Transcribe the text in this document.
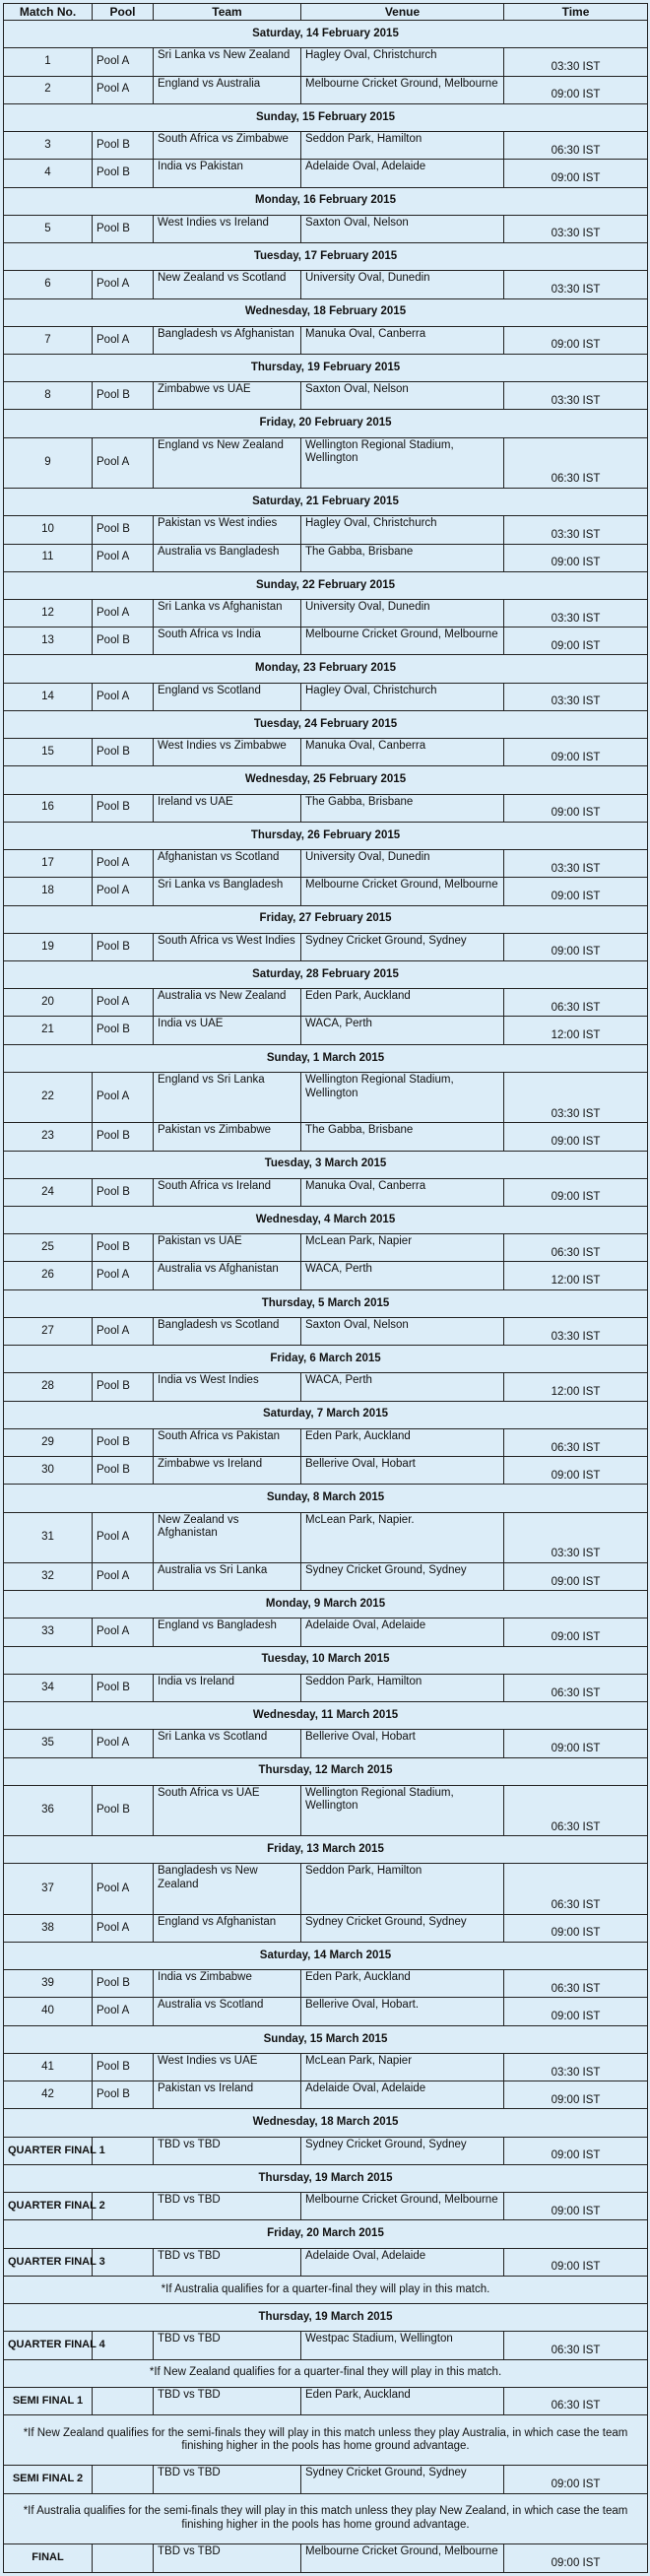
Match No.	Pool	Team	Venue	Time
Saturday, 14 February 2015				
1	Pool A	Sri Lanka vs New Zealand	Hagley Oval, Christchurch	03:30 IST
2	Pool A	England vs Australia	Melbourne Cricket Ground, Melbourne	09:00 IST
Sunday, 15 February 2015				
3	Pool B	South Africa vs Zimbabwe	Seddon Park, Hamilton	06:30 IST
4	Pool B	India vs Pakistan	Adelaide Oval, Adelaide	09:00 IST
Monday, 16 February 2015				
5	Pool B	West Indies vs Ireland	Saxton Oval, Nelson	03:30 IST
Tuesday, 17 February 2015				
6	Pool A	New Zealand vs Scotland	University Oval, Dunedin	03:30 IST
Wednesday, 18 February 2015				
7	Pool A	Bangladesh vs Afghanistan	Manuka Oval, Canberra	09:00 IST
Thursday, 19 February 2015				
8	Pool B	Zimbabwe vs UAE	Saxton Oval, Nelson	03:30 IST
Friday, 20 February 2015				
9	Pool A	England vs New Zealand	Wellington Regional Stadium, Wellington	06:30 IST
Saturday, 21 February 2015				
10	Pool B	Pakistan vs West indies	Hagley Oval, Christchurch	03:30 IST
11	Pool A	Australia vs Bangladesh	The Gabba, Brisbane	09:00 IST
Sunday, 22 February 2015				
12	Pool A	Sri Lanka vs Afghanistan	University Oval, Dunedin	03:30 IST
13	Pool B	South Africa vs India	Melbourne Cricket Ground, Melbourne	09:00 IST
Monday, 23 February 2015				
14	Pool A	England vs Scotland	Hagley Oval, Christchurch	03:30 IST
Tuesday, 24 February 2015				
15	Pool B	West Indies vs Zimbabwe	Manuka Oval, Canberra	09:00 IST
Wednesday, 25 February 2015				
16	Pool B	Ireland vs UAE	The Gabba, Brisbane	09:00 IST
Thursday, 26 February 2015				
17	Pool A	Afghanistan vs Scotland	University Oval, Dunedin	03:30 IST
18	Pool A	Sri Lanka vs Bangladesh	Melbourne Cricket Ground, Melbourne	09:00 IST
Friday, 27 February 2015				
19	Pool B	South Africa vs West Indies	Sydney Cricket Ground, Sydney	09:00 IST
Saturday, 28 February 2015				
20	Pool A	Australia vs New Zealand	Eden Park, Auckland	06:30 IST
21	Pool B	India vs UAE	WACA, Perth	12:00 IST
Sunday, 1 March 2015				
22	Pool A	England vs Sri Lanka	Wellington Regional Stadium, Wellington	03:30 IST
23	Pool B	Pakistan vs Zimbabwe	The Gabba, Brisbane	09:00 IST
Tuesday, 3 March 2015				
24	Pool B	South Africa vs Ireland	Manuka Oval, Canberra	09:00 IST
Wednesday, 4 March 2015				
25	Pool B	Pakistan vs UAE	McLean Park, Napier	06:30 IST
26	Pool A	Australia vs Afghanistan	WACA, Perth	12:00 IST
Thursday, 5 March 2015				
27	Pool A	Bangladesh vs Scotland	Saxton Oval, Nelson	03:30 IST
Friday, 6 March 2015				
28	Pool B	India vs West Indies	WACA, Perth	12:00 IST
Saturday, 7 March 2015				
29	Pool B	South Africa vs Pakistan	Eden Park, Auckland	06:30 IST
30	Pool B	Zimbabwe vs Ireland	Bellerive Oval, Hobart	09:00 IST
Sunday, 8 March 2015				
31	Pool A	New Zealand vs Afghanistan	McLean Park, Napier.	03:30 IST
32	Pool A	Australia vs Sri Lanka	Sydney Cricket Ground, Sydney	09:00 IST
Monday, 9 March 2015				
33	Pool A	England vs Bangladesh	Adelaide Oval, Adelaide	09:00 IST
Tuesday, 10 March 2015				
34	Pool B	India vs Ireland	Seddon Park, Hamilton	06:30 IST
Wednesday, 11 March 2015				
35	Pool A	Sri Lanka vs Scotland	Bellerive Oval, Hobart	09:00 IST
Thursday, 12 March 2015				
36	Pool B	South Africa vs UAE	Wellington Regional Stadium, Wellington	06:30 IST
Friday, 13 March 2015				
37	Pool A	Bangladesh vs New Zealand	Seddon Park, Hamilton	06:30 IST
38	Pool A	England vs Afghanistan	Sydney Cricket Ground, Sydney	09:00 IST
Saturday, 14 March 2015				
39	Pool B	India vs Zimbabwe	Eden Park, Auckland	06:30 IST
40	Pool A	Australia vs Scotland	Bellerive Oval, Hobart.	09:00 IST
Sunday, 15 March 2015				
41	Pool B	West Indies vs UAE	McLean Park, Napier	03:30 IST
42	Pool B	Pakistan vs Ireland	Adelaide Oval, Adelaide	09:00 IST
Wednesday, 18 March 2015				
QUARTER FINAL 1		TBD vs TBD	Sydney Cricket Ground, Sydney	09:00 IST
Thursday, 19 March 2015				
QUARTER FINAL 2		TBD vs TBD	Melbourne Cricket Ground, Melbourne	09:00 IST
Friday, 20 March 2015				
QUARTER FINAL 3		TBD vs TBD	Adelaide Oval, Adelaide	09:00 IST
*If Australia qualifies for a quarter-final they will play in this match.				
Thursday, 19 March 2015				
QUARTER FINAL 4		TBD vs TBD	Westpac Stadium, Wellington	06:30 IST
*If New Zealand qualifies for a quarter-final they will play in this match.				
SEMI FINAL 1		TBD vs TBD	Eden Park, Auckland	06:30 IST
*If New Zealand qualifies for the semi-finals they will play in this match unless they play Australia, in which case the team finishing higher in the pools has home ground advantage.				
SEMI FINAL 2		TBD vs TBD	Sydney Cricket Ground, Sydney	09:00 IST
*If Australia qualifies for the semi-finals they will play in this match unless they play New Zealand, in which case the team finishing higher in the pools has home ground advantage.				
FINAL		TBD vs TBD	Melbourne Cricket Ground, Melbourne	09:00 IST
